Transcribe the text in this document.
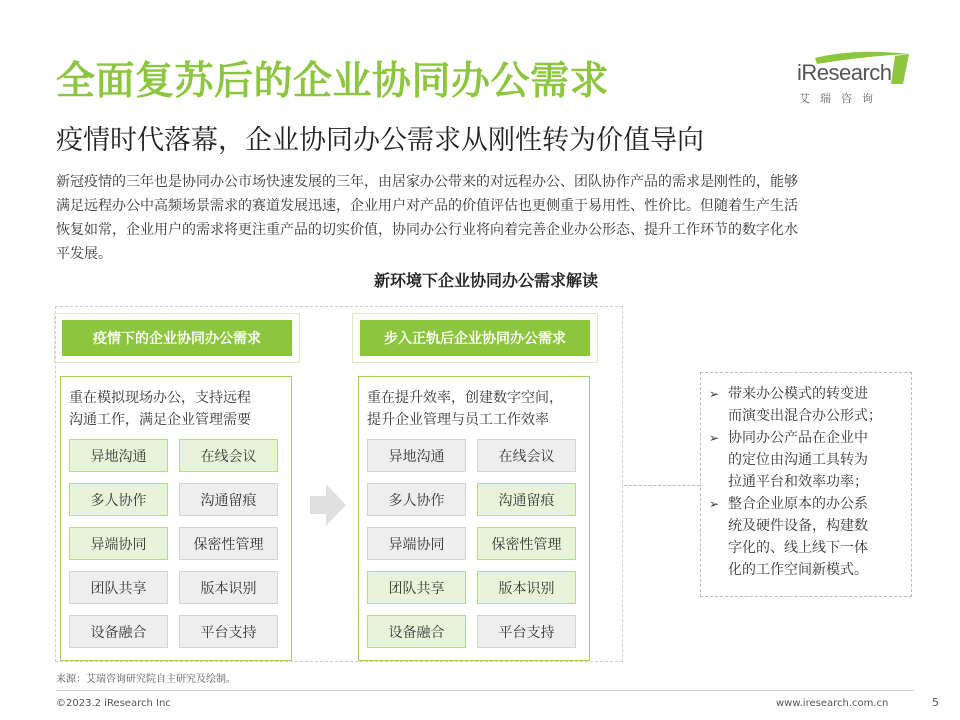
全面复苏后的企业协同办公需求
疫情时代落幕，企业协同办公需求从刚性转为价值导向
iResearch
艾瑞咨询

新冠疫情的三年也是协同办公市场快速发展的三年，由居家办公带来的对远程办公、团队协作产品的需求是刚性的，能够

满足远程办公中高频场景需求的赛道发展迅速，企业用户对产品的价值评估也更侧重于易用性、性价比。但随着生产生活

恢复如常，企业用户的需求将更注重产品的切实价值，协同办公行业将向着完善企业办公形态、提升工作环节的数字化水

平发展。

新环境下企业协同办公需求解读
疫情下的企业协同办公需求
重在模拟现场办公，支持远程
沟通工作，满足企业管理需要
异地沟通	在线会议
多人协作	沟通留痕
异端协同	保密性管理
团队共享	版本识别
设备融合	平台支持
步入正轨后企业协同办公需求
重在提升效率，创建数字空间，
提升企业管理与员工工作效率
异地沟通	在线会议
多人协作	沟通留痕
异端协同	保密性管理
团队共享	版本识别
设备融合	平台支持
➢ 带来办公模式的转变进
而演变出混合办公形式；
➢ 协同办公产品在企业中
的定位由沟通工具转为
拉通平台和效率功率；
➢ 整合企业原本的办公系
统及硬件设备，构建数
字化的、线上线下一体
化的工作空间新模式。
来源：艾瑞咨询研究院自主研究及绘制。
©2023.2 iResearch Inc	www.iresearch.com.cn	5
